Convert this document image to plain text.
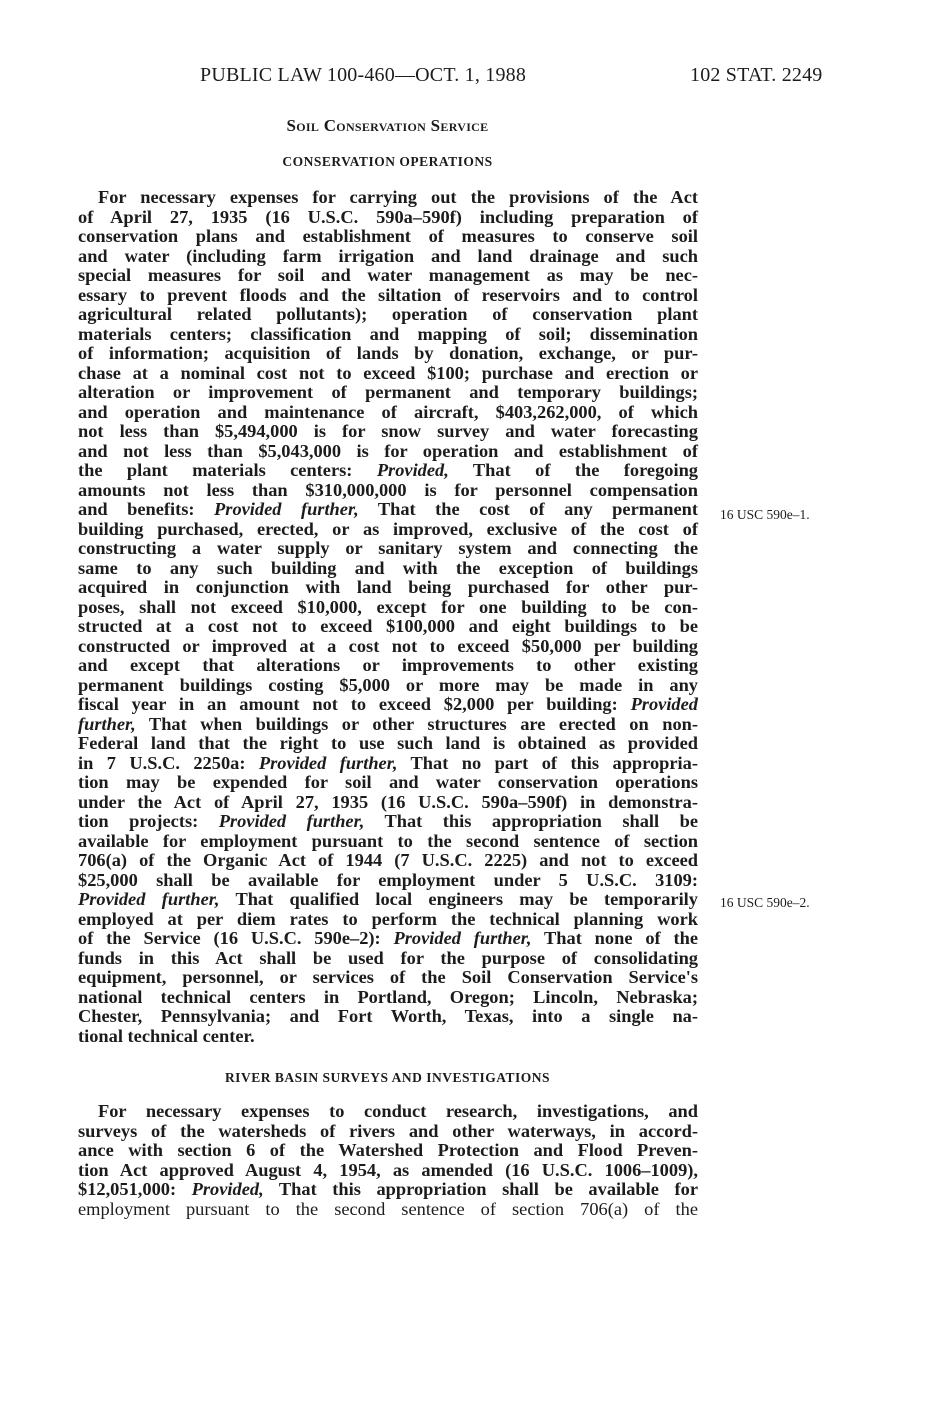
PUBLIC LAW 100-460—OCT. 1, 1988	102 STAT. 2249
Soil Conservation Service
CONSERVATION OPERATIONS
For necessary expenses for carrying out the provisions of the Act
of April 27, 1935 (16 U.S.C. 590a–590f) including preparation of
conservation plans and establishment of measures to conserve soil
and water (including farm irrigation and land drainage and such
special measures for soil and water management as may be nec-
essary to prevent floods and the siltation of reservoirs and to control
agricultural related pollutants); operation of conservation plant
materials centers; classification and mapping of soil; dissemination
of information; acquisition of lands by donation, exchange, or pur-
chase at a nominal cost not to exceed $100; purchase and erection or
alteration or improvement of permanent and temporary buildings;
and operation and maintenance of aircraft, $403,262,000, of which
not less than $5,494,000 is for snow survey and water forecasting
and not less than $5,043,000 is for operation and establishment of
the plant materials centers: Provided, That of the foregoing
amounts not less than $310,000,000 is for personnel compensation
and benefits: Provided further, That the cost of any permanent
building purchased, erected, or as improved, exclusive of the cost of
constructing a water supply or sanitary system and connecting the
same to any such building and with the exception of buildings
acquired in conjunction with land being purchased for other pur-
poses, shall not exceed $10,000, except for one building to be con-
structed at a cost not to exceed $100,000 and eight buildings to be
constructed or improved at a cost not to exceed $50,000 per building
and except that alterations or improvements to other existing
permanent buildings costing $5,000 or more may be made in any
fiscal year in an amount not to exceed $2,000 per building: Provided
further, That when buildings or other structures are erected on non-
Federal land that the right to use such land is obtained as provided
in 7 U.S.C. 2250a: Provided further, That no part of this appropria-
tion may be expended for soil and water conservation operations
under the Act of April 27, 1935 (16 U.S.C. 590a–590f) in demonstra-
tion projects: Provided further, That this appropriation shall be
available for employment pursuant to the second sentence of section
706(a) of the Organic Act of 1944 (7 U.S.C. 2225) and not to exceed
$25,000 shall be available for employment under 5 U.S.C. 3109:
Provided further, That qualified local engineers may be temporarily
employed at per diem rates to perform the technical planning work
of the Service (16 U.S.C. 590e–2): Provided further, That none of the
funds in this Act shall be used for the purpose of consolidating
equipment, personnel, or services of the Soil Conservation Service's
national technical centers in Portland, Oregon; Lincoln, Nebraska;
Chester, Pennsylvania; and Fort Worth, Texas, into a single na-
tional technical center.
16 USC 590e–1.
16 USC 590e–2.
RIVER BASIN SURVEYS AND INVESTIGATIONS
For necessary expenses to conduct research, investigations, and
surveys of the watersheds of rivers and other waterways, in accord-
ance with section 6 of the Watershed Protection and Flood Preven-
tion Act approved August 4, 1954, as amended (16 U.S.C. 1006–1009),
$12,051,000: Provided, That this appropriation shall be available for
employment pursuant to the second sentence of section 706(a) of the
